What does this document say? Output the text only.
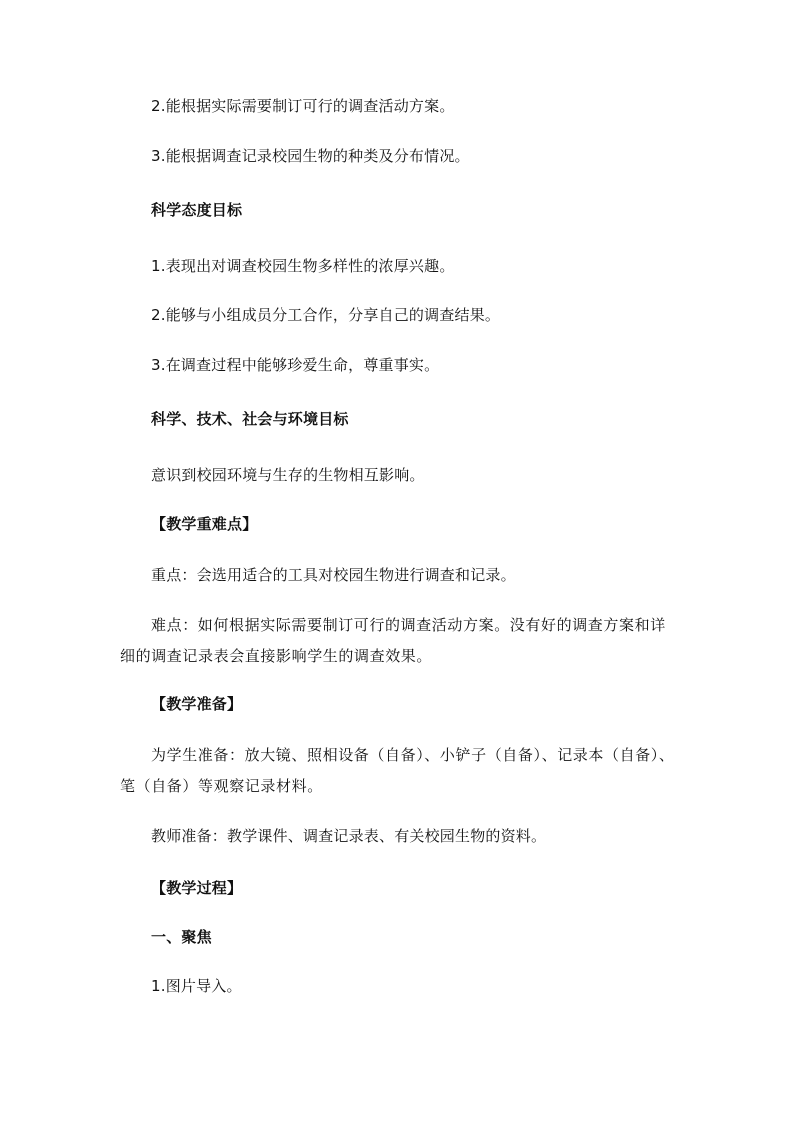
2.能根据实际需要制订可行的调查活动方案。
3.能根据调查记录校园生物的种类及分布情况。
科学态度目标
1.表现出对调查校园生物多样性的浓厚兴趣。
2.能够与小组成员分工合作，分享自己的调查结果。
3.在调查过程中能够珍爱生命，尊重事实。
科学、技术、社会与环境目标
意识到校园环境与生存的生物相互影响。
【教学重难点】
重点：会选用适合的工具对校园生物进行调查和记录。
难点：如何根据实际需要制订可行的调查活动方案。没有好的调查方案和详细的调查记录表会直接影响学生的调查效果。
【教学准备】
为学生准备：放大镜、照相设备（自备）、小铲子（自备）、记录本（自备）、笔（自备）等观察记录材料。
教师准备：教学课件、调查记录表、有关校园生物的资料。
【教学过程】
一、聚焦
1.图片导入。
